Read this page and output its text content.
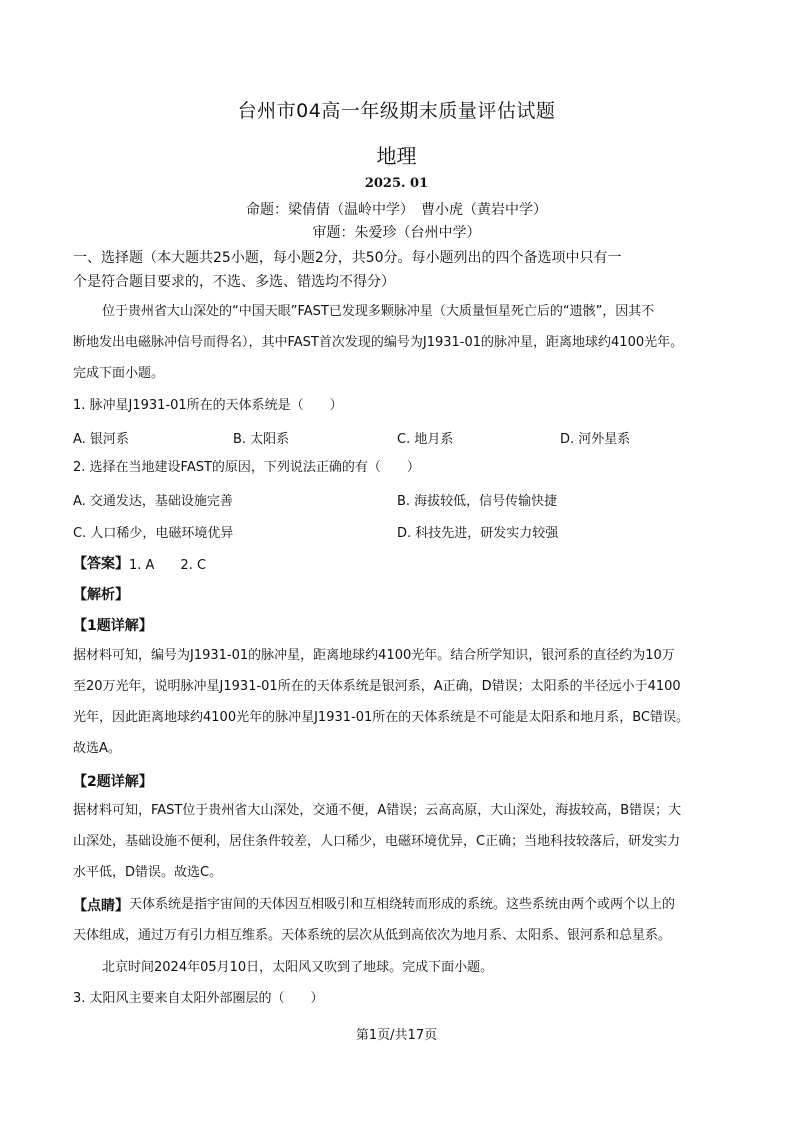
台州市04高一年级期末质量评估试题
地理
2025. 01
命题：梁倩倩（温岭中学）　曹小虎（黄岩中学）
审题：朱爱珍（台州中学）
一、选择题（本大题共25小题，每小题2分，共50分。每小题列出的四个备选项中只有一
个是符合题目要求的，不选、多选、错选均不得分）
位于贵州省大山深处的“中国天眼”FAST已发现多颗脉冲星（大质量恒星死亡后的“遗骸”，因其不
断地发出电磁脉冲信号而得名），其中FAST首次发现的编号为J1931-01的脉冲星，距离地球约4100光年。
完成下面小题。
1. 脉冲星J1931-01所在的天体系统是（　　）
A. 银河系	B. 太阳系	C. 地月系	D. 河外星系
2. 选择在当地建设FAST的原因，下列说法正确的有（　　）
A. 交通发达，基础设施完善	B. 海拔较低，信号传输快捷
C. 人口稀少，电磁环境优异	D. 科技先进，研发实力较强
【答案】 1. A　　2. C
【解析】
【1题详解】
据材料可知，编号为J1931-01的脉冲星，距离地球约4100光年。结合所学知识，银河系的直径约为10万
至20万光年，说明脉冲星J1931-01所在的天体系统是银河系，A正确，D错误；太阳系的半径远小于4100
光年，因此距离地球约4100光年的脉冲星J1931-01所在的天体系统是不可能是太阳系和地月系，BC错误。
故选A。
【2题详解】
据材料可知，FAST位于贵州省大山深处，交通不便，A错误；云高高原，大山深处，海拔较高，B错误；大
山深处，基础设施不便利，居住条件较差，人口稀少，电磁环境优异，C正确；当地科技较落后，研发实力
水平低，D错误。故选C。
【点睛】 天体系统是指宇宙间的天体因互相吸引和互相绕转而形成的系统。这些系统由两个或两个以上的
天体组成，通过万有引力相互维系。天体系统的层次从低到高依次为地月系、太阳系、银河系和总星系。
北京时间2024年05月10日，太阳风又吹到了地球。完成下面小题。
3. 太阳风主要来自太阳外部圈层的（　　）
第1页/共17页
